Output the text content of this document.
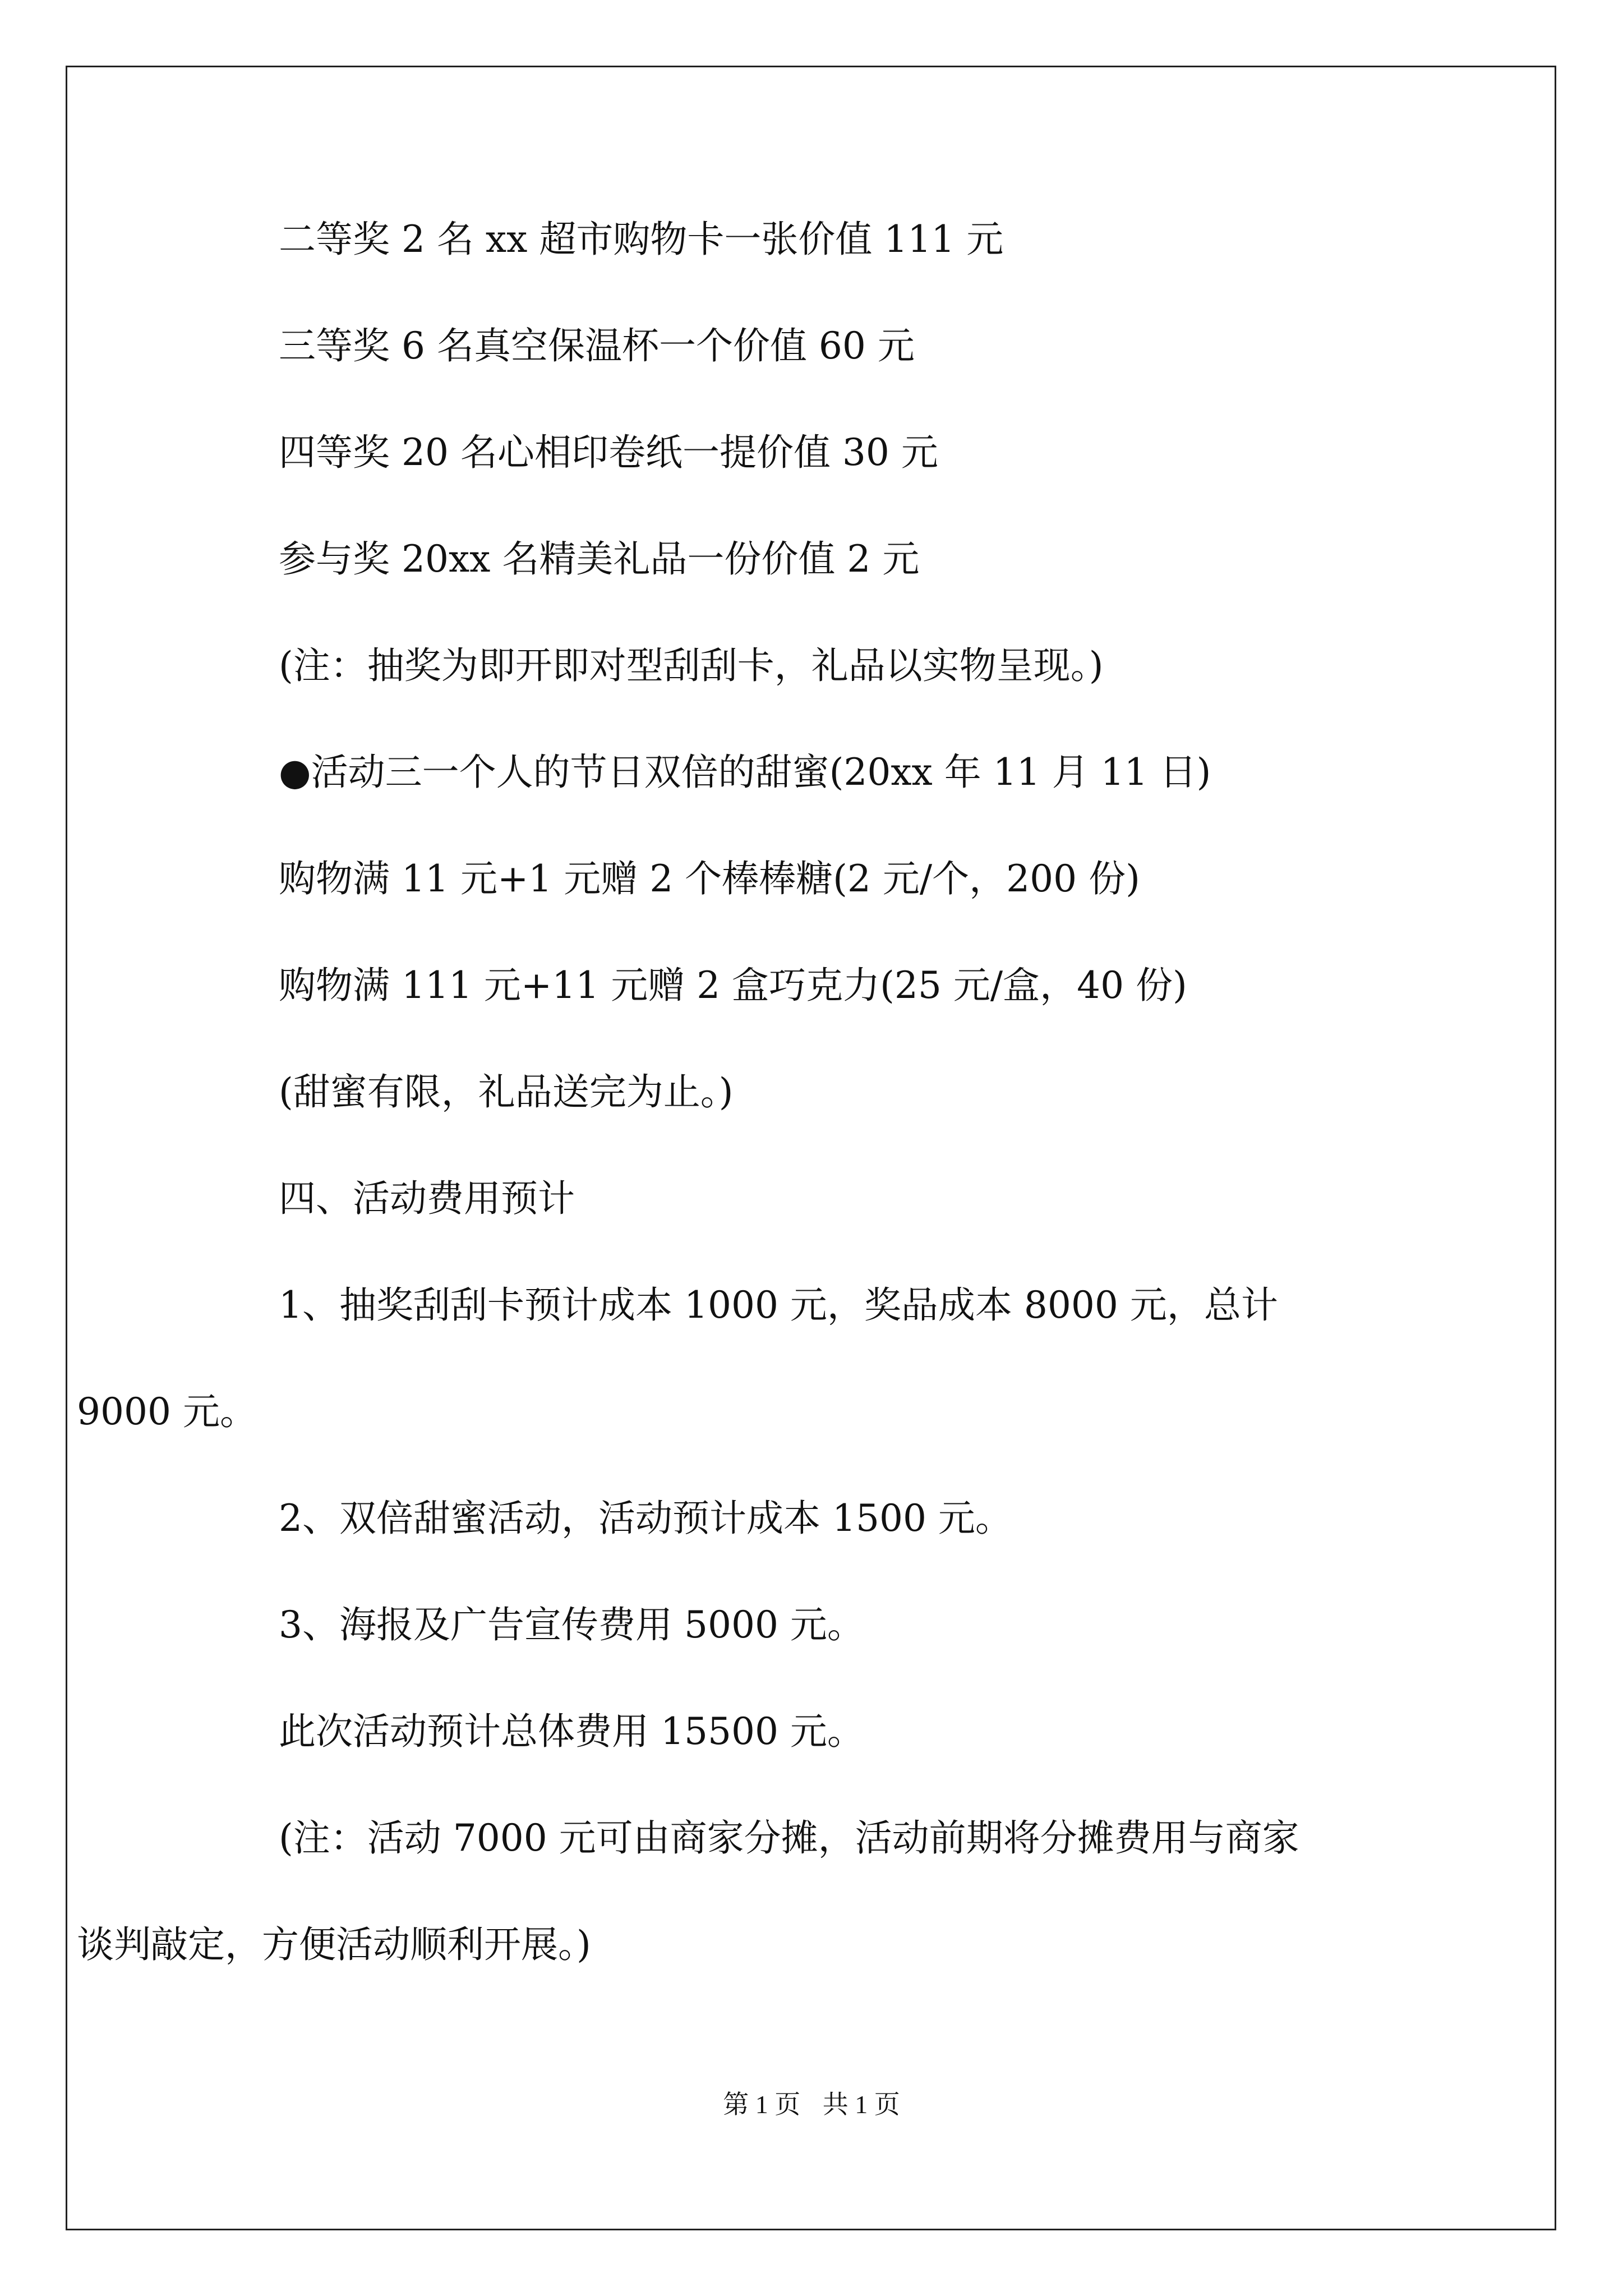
二等奖 2 名 xx 超市购物卡一张价值 111 元

三等奖 6 名真空保温杯一个价值 60 元

四等奖 20 名心相印卷纸一提价值 30 元

参与奖 20xx 名精美礼品一份价值 2 元

(注：抽奖为即开即对型刮刮卡，礼品以实物呈现。)

●活动三一个人的节日双倍的甜蜜(20xx 年 11 月 11 日)

购物满 11 元+1 元赠 2 个棒棒糖(2 元/个，200 份)

购物满 111 元+11 元赠 2 盒巧克力(25 元/盒，40 份)

(甜蜜有限，礼品送完为止。)

四、活动费用预计

1、抽奖刮刮卡预计成本 1000 元，奖品成本 8000 元，总计 9000 元。

2、双倍甜蜜活动，活动预计成本 1500 元。

3、海报及广告宣传费用 5000 元。

此次活动预计总体费用 15500 元。

(注：活动 7000 元可由商家分摊，活动前期将分摊费用与商家谈判敲定，方便活动顺利开展。)

第 1 页 共 1 页
